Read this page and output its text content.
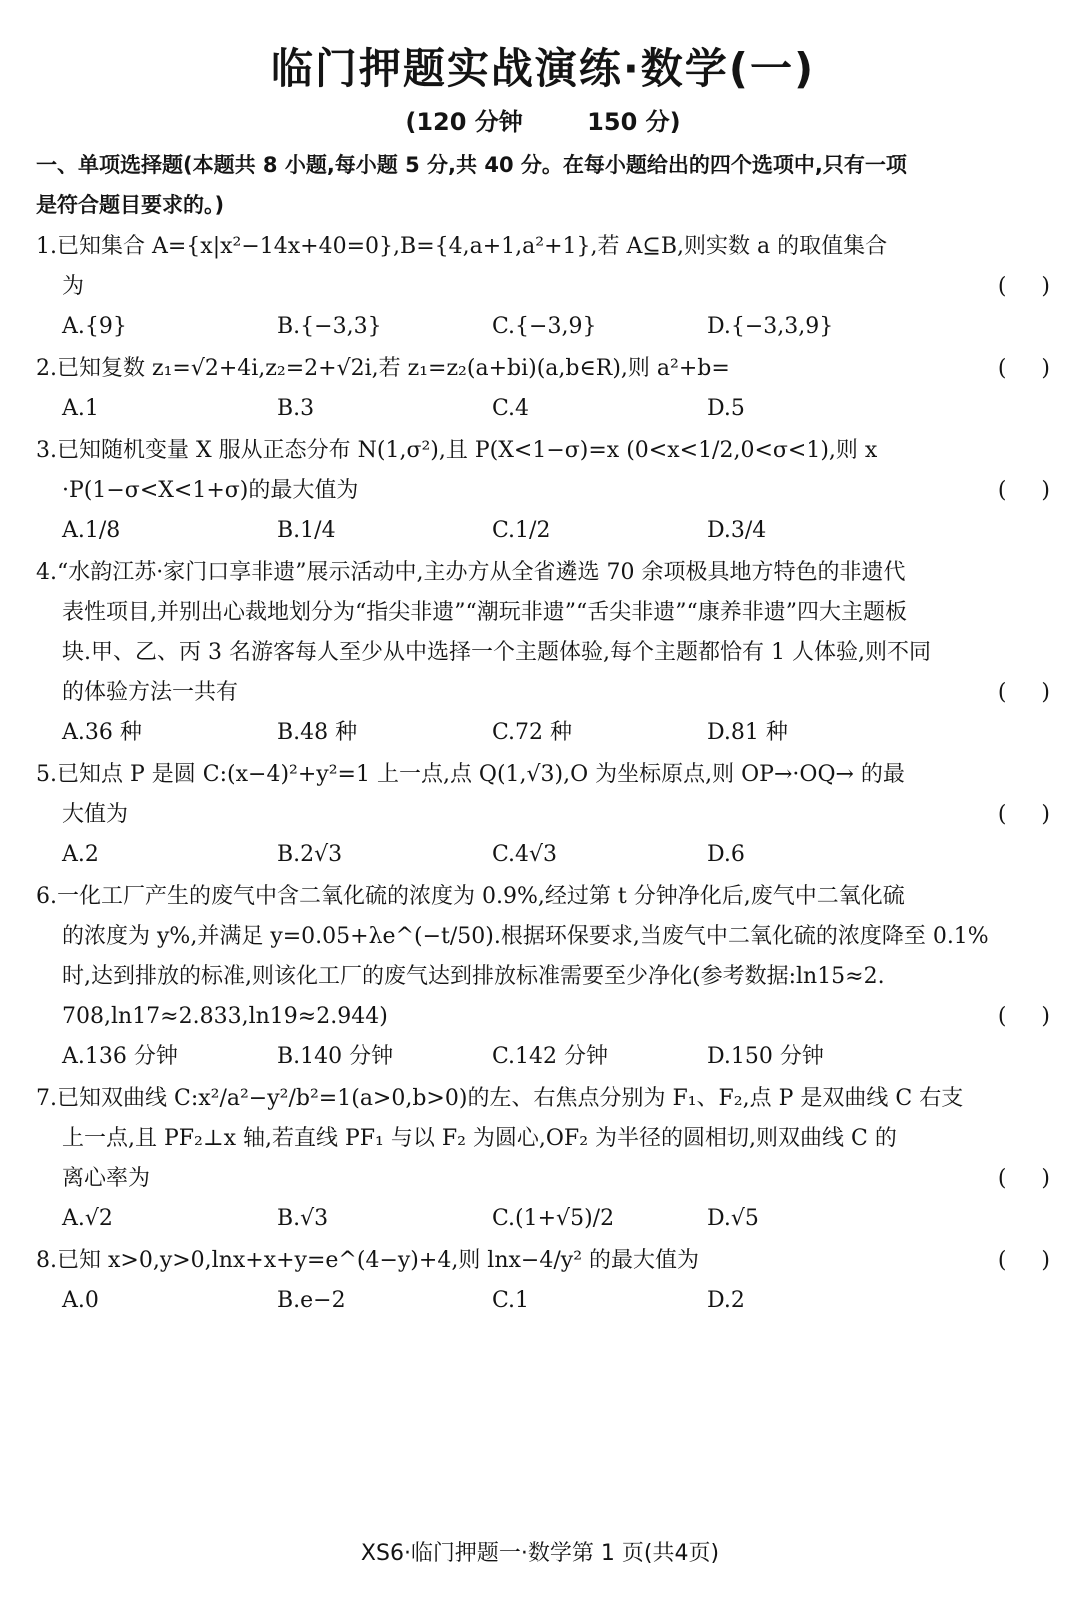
临门押题实战演练·数学(一)
(120 分钟	150 分)
一、单项选择题(本题共 8 小题,每小题 5 分,共 40 分。在每小题给出的四个选项中,只有一项
是符合题目要求的。)
1.已知集合 A={x|x²−14x+40=0},B={4,a+1,a²+1},若 A⊆B,则实数 a 的取值集合
为	(     )
A.{9}	B.{−3,3}	C.{−3,9}	D.{−3,3,9}
2.已知复数 z₁=√2+4i,z₂=2+√2i,若 z₁=z₂(a+bi)(a,b∈R),则 a²+b=	(     )
A.1	B.3	C.4	D.5
3.已知随机变量 X 服从正态分布 N(1,σ²),且 P(X<1−σ)=x (0<x<1/2,0<σ<1),则 x
·P(1−σ<X<1+σ)的最大值为	(     )
A.1/8	B.1/4	C.1/2	D.3/4
4.“水韵江苏·家门口享非遗”展示活动中,主办方从全省遴选 70 余项极具地方特色的非遗代
表性项目,并别出心裁地划分为“指尖非遗”“潮玩非遗”“舌尖非遗”“康养非遗”四大主题板
块.甲、乙、丙 3 名游客每人至少从中选择一个主题体验,每个主题都恰有 1 人体验,则不同
的体验方法一共有	(     )
A.36 种	B.48 种	C.72 种	D.81 种
5.已知点 P 是圆 C:(x−4)²+y²=1 上一点,点 Q(1,√3),O 为坐标原点,则 OP→·OQ→ 的最
大值为	(     )
A.2	B.2√3	C.4√3	D.6
6.一化工厂产生的废气中含二氧化硫的浓度为 0.9%,经过第 t 分钟净化后,废气中二氧化硫
的浓度为 y%,并满足 y=0.05+λe^(−t/50).根据环保要求,当废气中二氧化硫的浓度降至 0.1%
时,达到排放的标准,则该化工厂的废气达到排放标准需要至少净化(参考数据:ln15≈2.
708,ln17≈2.833,ln19≈2.944)	(     )
A.136 分钟	B.140 分钟	C.142 分钟	D.150 分钟
7.已知双曲线 C:x²/a²−y²/b²=1(a>0,b>0)的左、右焦点分别为 F₁、F₂,点 P 是双曲线 C 右支
上一点,且 PF₂⊥x 轴,若直线 PF₁ 与以 F₂ 为圆心,OF₂ 为半径的圆相切,则双曲线 C 的
离心率为	(     )
A.√2	B.√3	C.(1+√5)/2	D.√5
8.已知 x>0,y>0,lnx+x+y=e^(4−y)+4,则 lnx−4/y² 的最大值为	(     )
A.0	B.e−2	C.1	D.2
XS6·临门押题一·数学第 1 页(共4页)
